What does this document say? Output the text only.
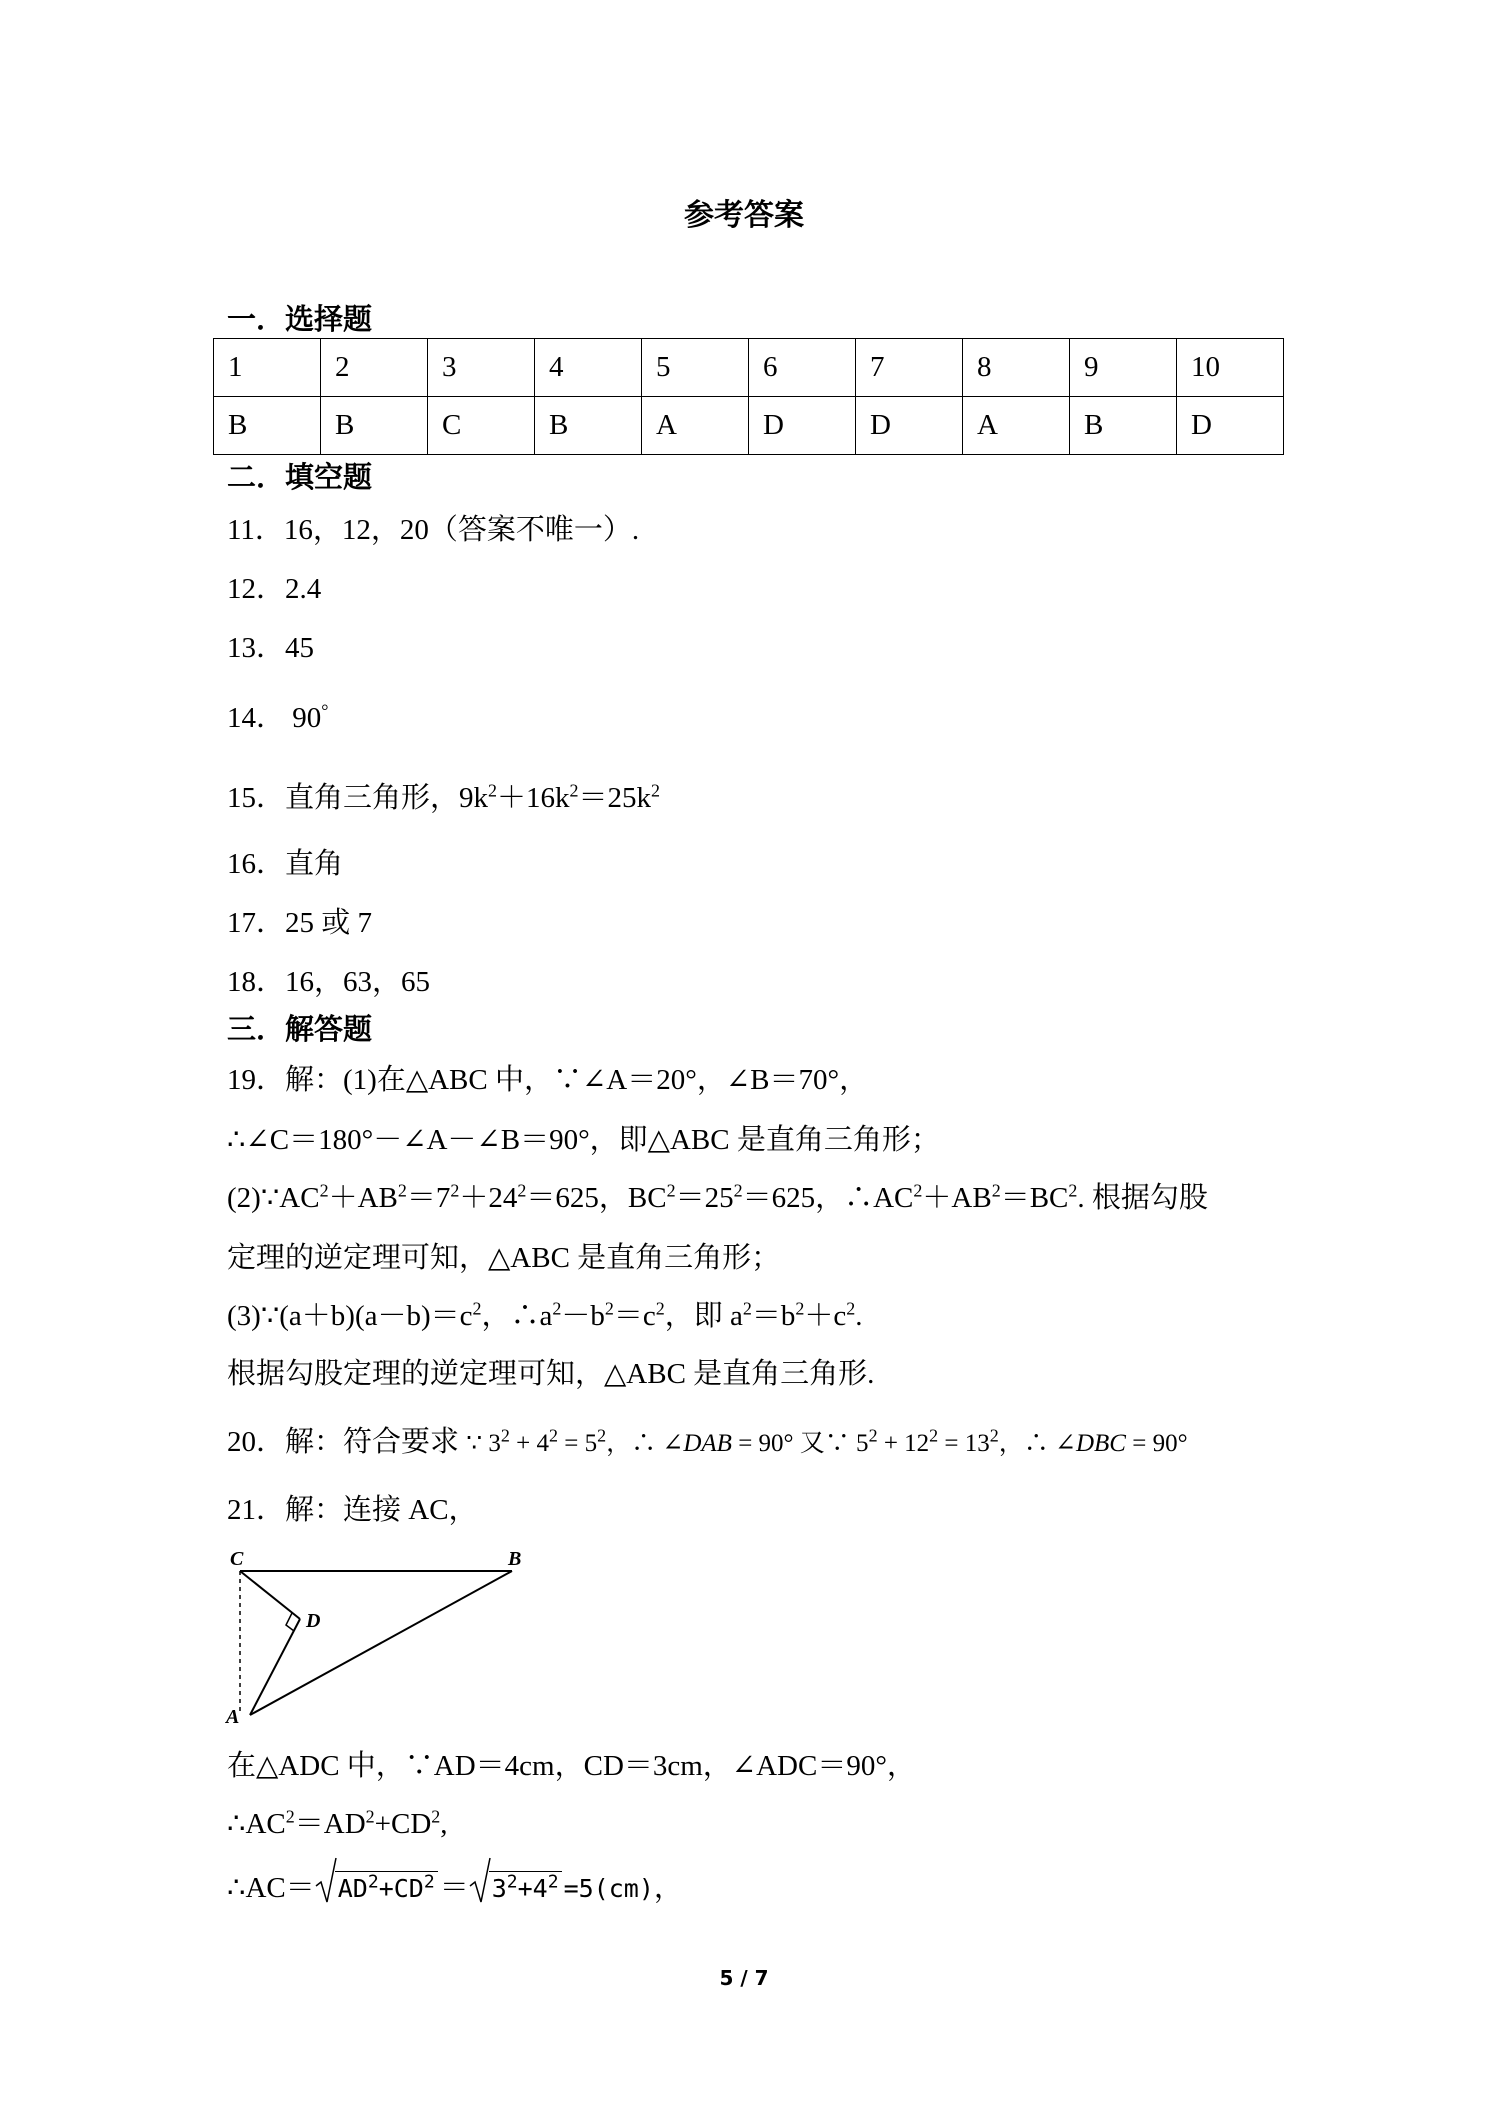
参考答案
一．选择题
1	2	3	4	5	6	7	8	9	10
B	B	C	B	A	D	D	A	B	D
二．填空题
11．16，12，20（答案不唯一）.
12．2.4
13．45
14． 90°
15．直角三角形，$9k^2+16k^2=25k^2$
16．直角
17．25 或 7
18．16，63，65
三．解答题
19．解：(1)在△ABC 中，∵∠A＝20°，∠B＝70°，
∴∠C＝180°－∠A－∠B＝90°，即△ABC 是直角三角形；
$(2)\because AC^2+AB^2=7^2+24^2=625$，$BC^2=25^2=625$，$\therefore AC^2+AB^2=BC^2$. 根据勾股
定理的逆定理可知，△ABC 是直角三角形；
$(3)\because(a+b)(a-b)=c^2$，$\therefore a^2-b^2=c^2$，即 $a^2=b^2+c^2$.
根据勾股定理的逆定理可知，△ABC 是直角三角形.
20．解：符合要求 ∵ $3^2 + 4^2 = 5^2$，∴ ∠DAB = 90° 又∵ $5^2 + 12^2 = 13^2$，∴ ∠DBC = 90°
21．解：连接 AC，
C	B
D
A
在△ADC 中，∵AD＝4cm，CD＝3cm，∠ADC＝90°，
$\therefore AC^2=AD^2+CD^2$,
∴AC＝ $AD^2+CD^2 = 3^2+4^2 =5(cm)$，
5 / 7
